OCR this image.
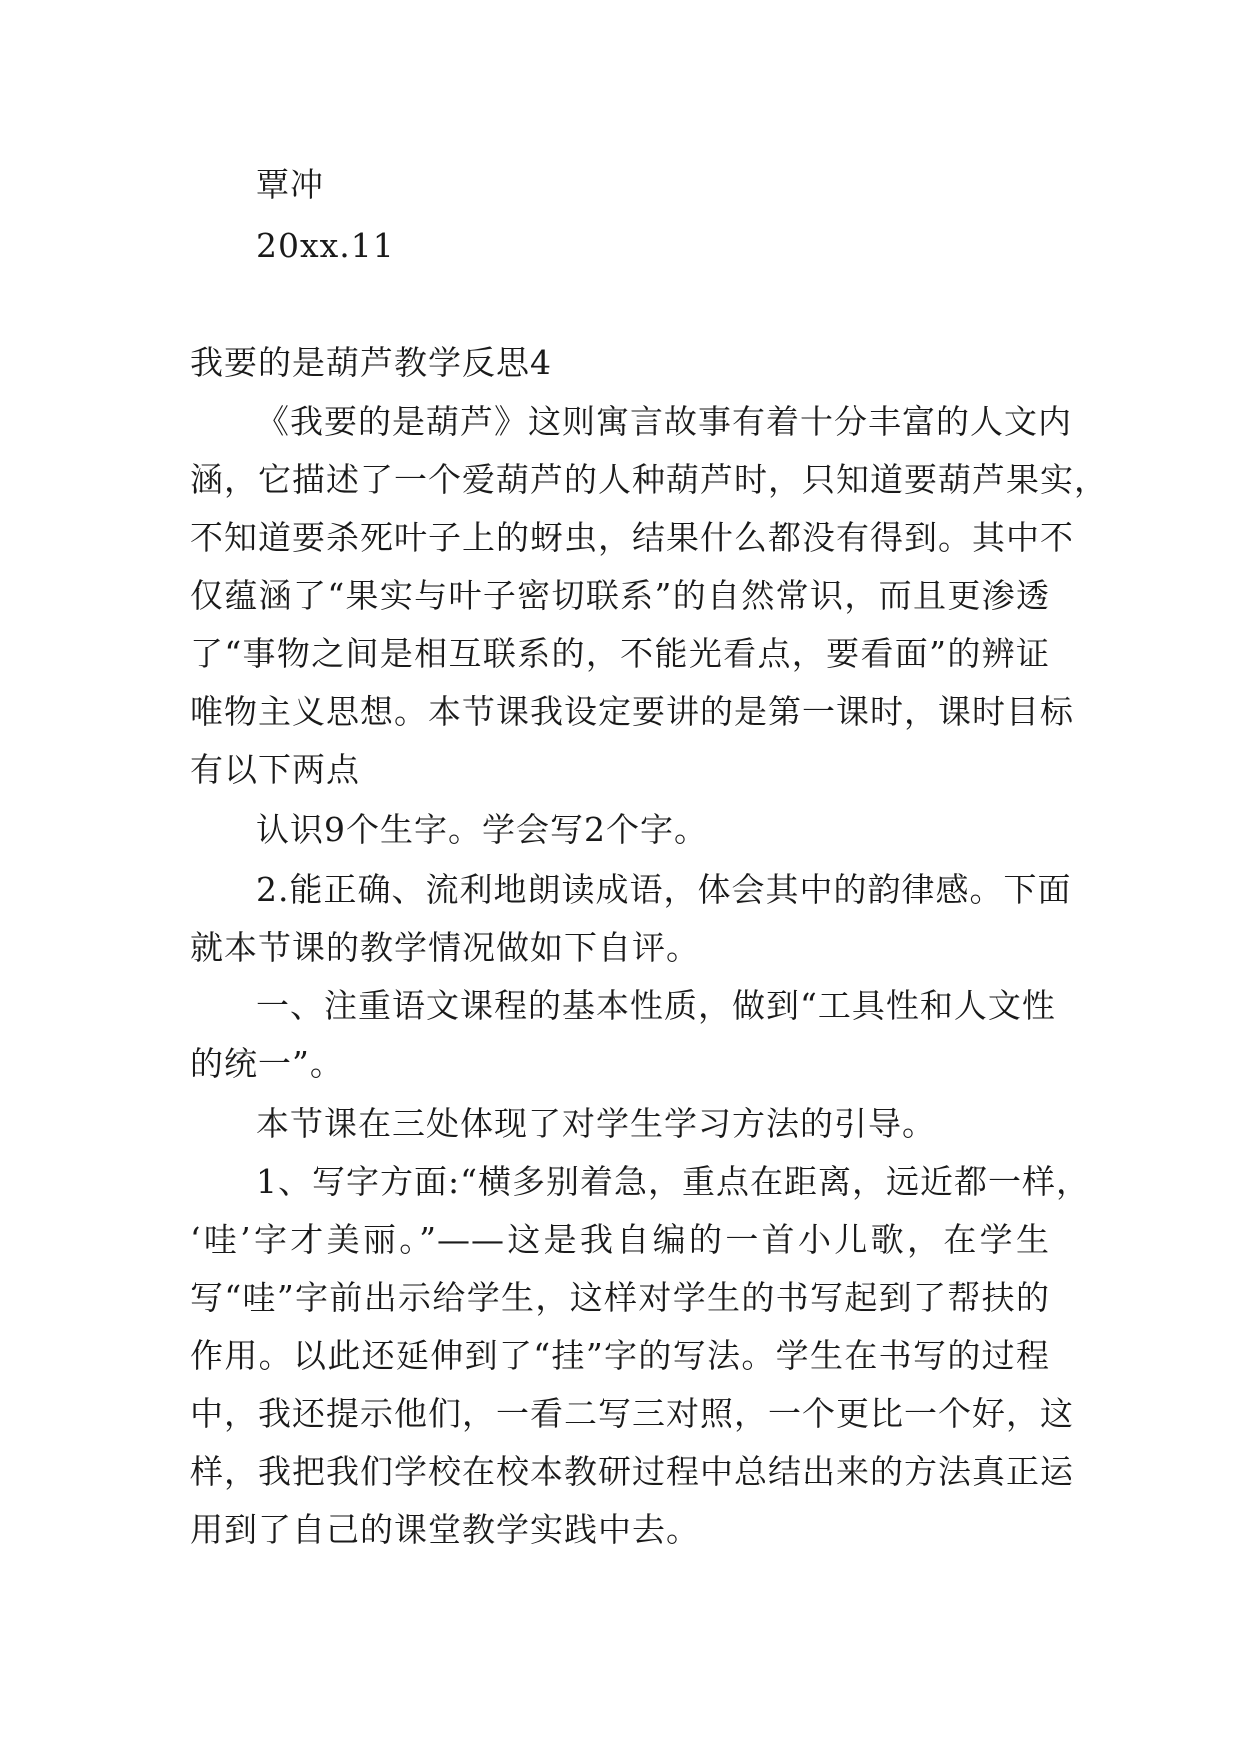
覃冲
20xx.11
我要的是葫芦教学反思4
《我要的是葫芦》这则寓言故事有着十分丰富的人文内
涵，它描述了一个爱葫芦的人种葫芦时，只知道要葫芦果实，
不知道要杀死叶子上的蚜虫，结果什么都没有得到。其中不
仅蕴涵了“果实与叶子密切联系”的自然常识，而且更渗透
了“事物之间是相互联系的，不能光看点，要看面”的辨证
唯物主义思想。本节课我设定要讲的是第一课时，课时目标
有以下两点
认识9个生字。学会写2个字。
2.能正确、流利地朗读成语，体会其中的韵律感。下面
就本节课的教学情况做如下自评。
一、注重语文课程的基本性质，做到“工具性和人文性
的统一”。
本节课在三处体现了对学生学习方法的引导。
1、写字方面:“横多别着急，重点在距离，远近都一样，
‘哇’字才美丽。”——这是我自编的一首小儿歌，在学生
写“哇”字前出示给学生，这样对学生的书写起到了帮扶的
作用。以此还延伸到了“挂”字的写法。学生在书写的过程
中，我还提示他们，一看二写三对照，一个更比一个好，这
样，我把我们学校在校本教研过程中总结出来的方法真正运
用到了自己的课堂教学实践中去。
